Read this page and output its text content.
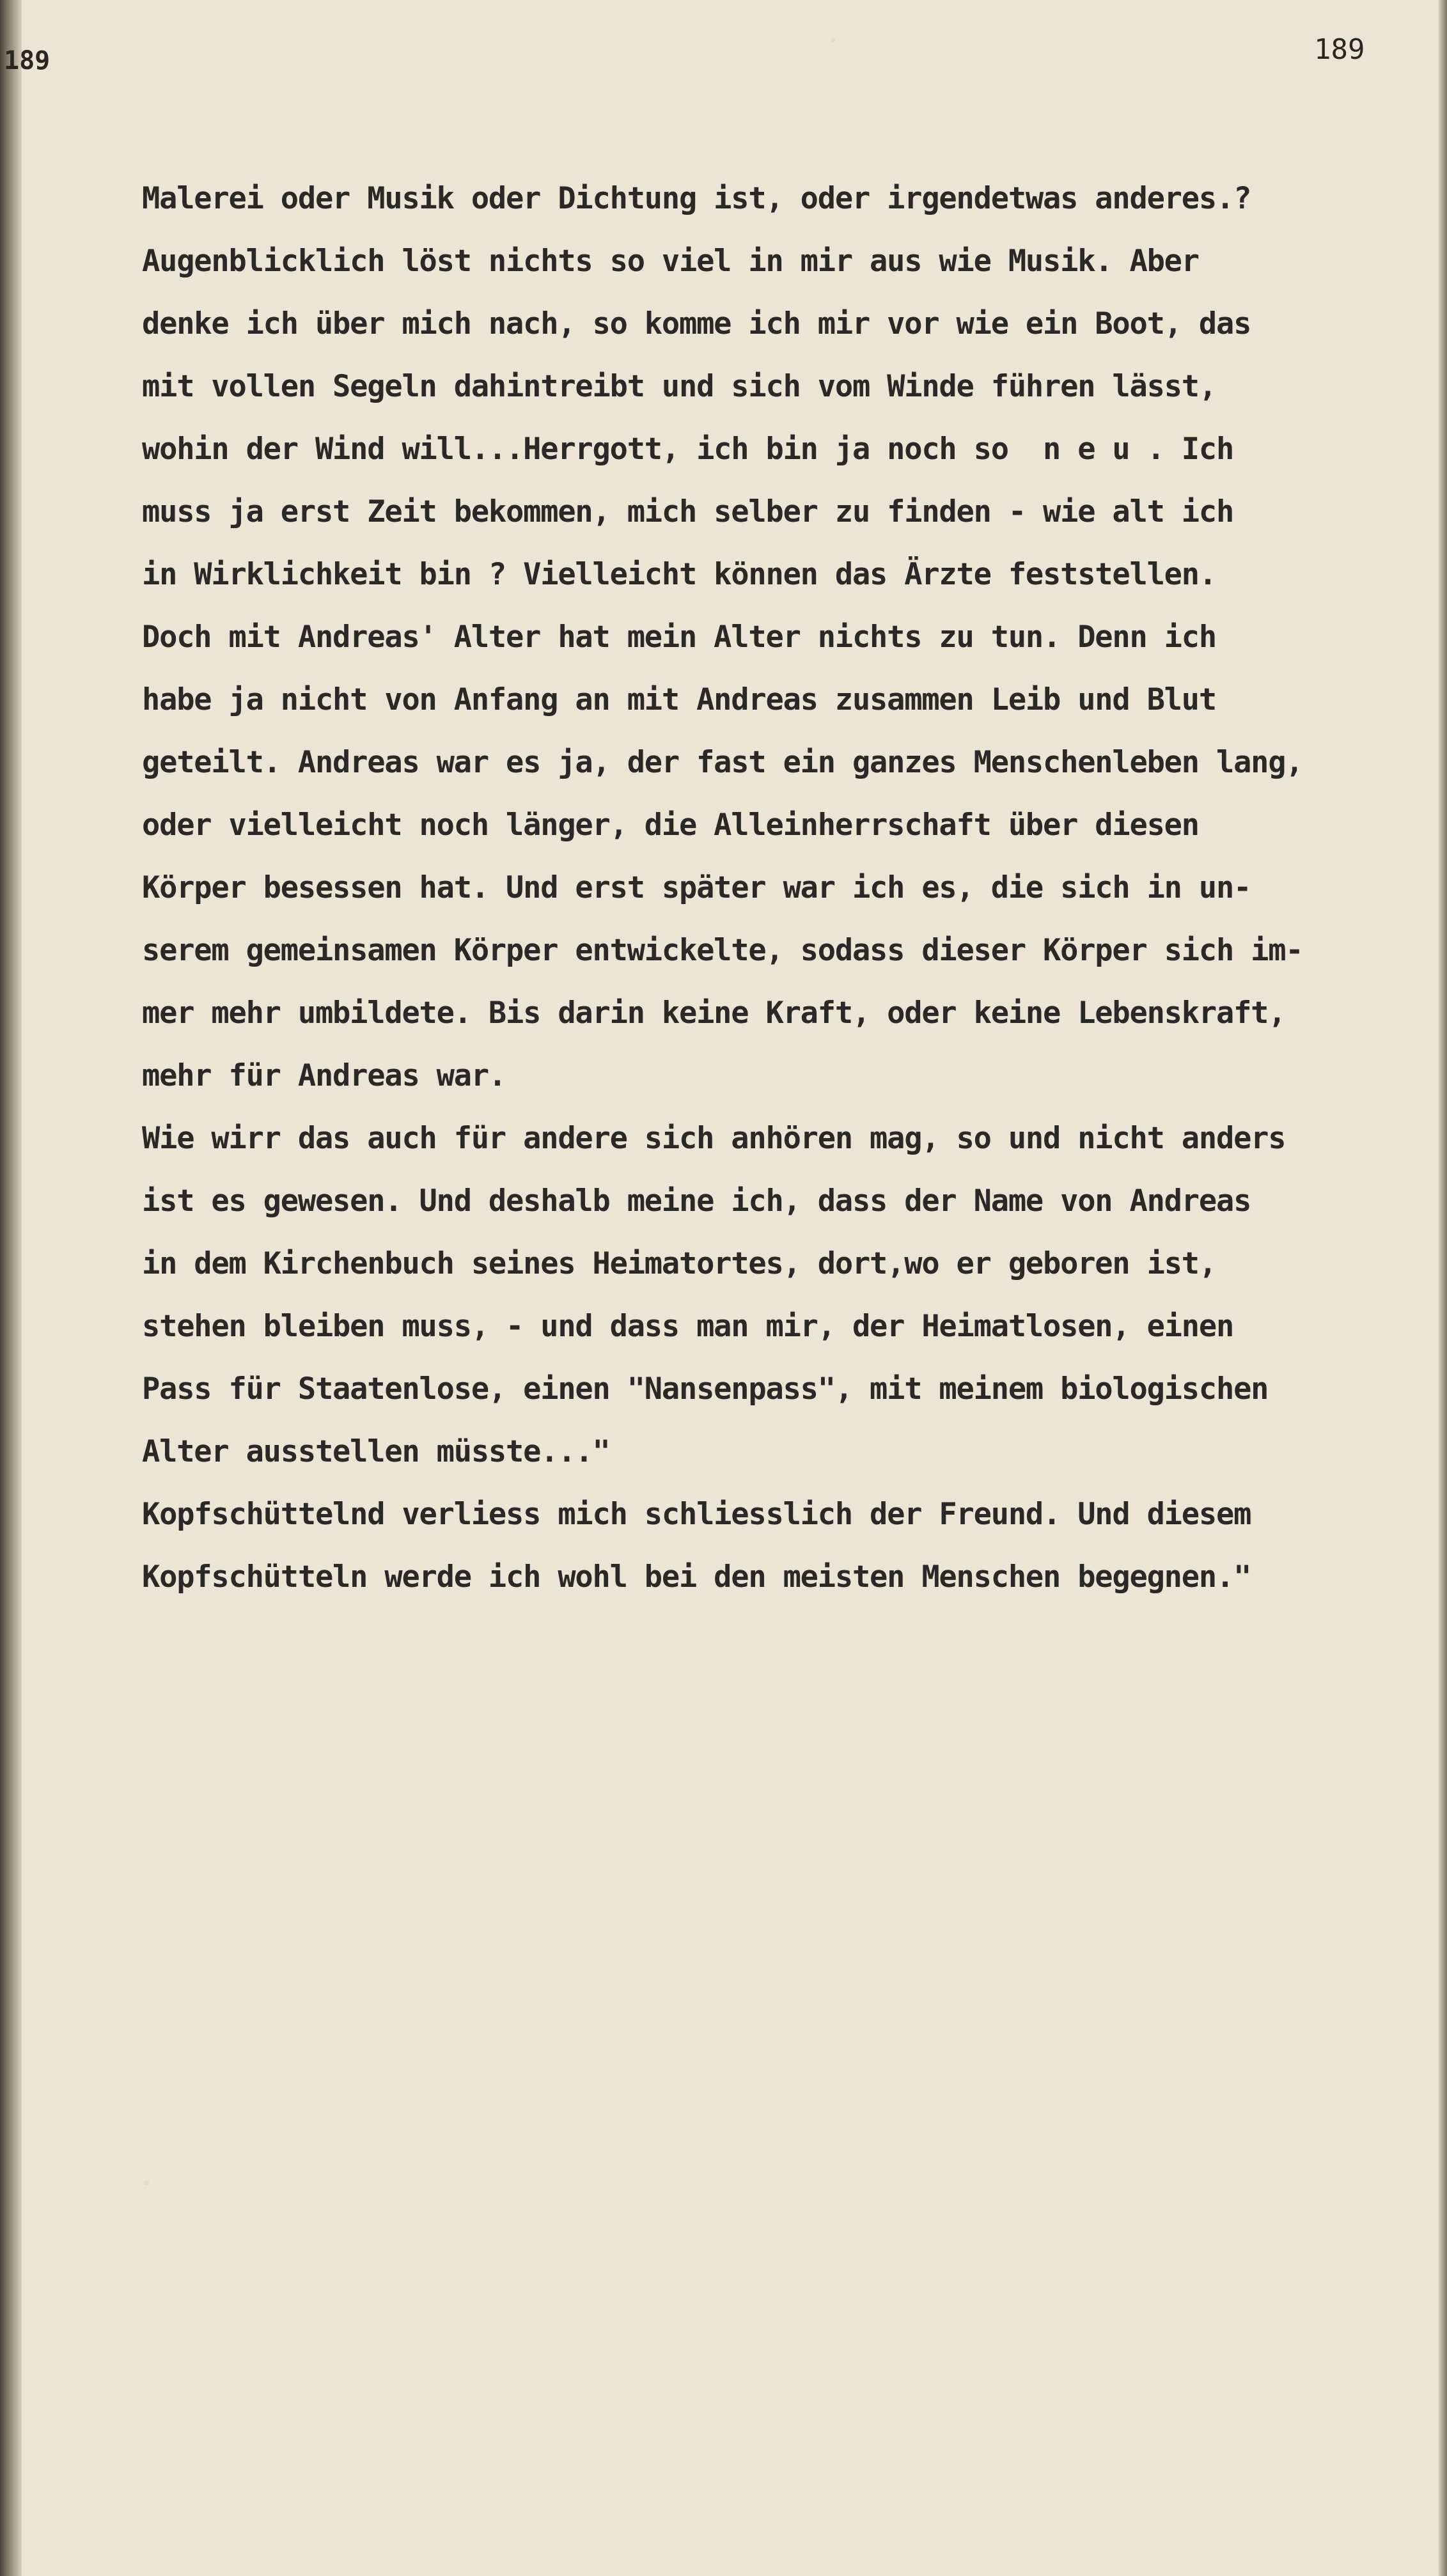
189	189
Malerei oder Musik oder Dichtung ist, oder irgendetwas anderes.?
Augenblicklich löst nichts so viel in mir aus wie Musik. Aber
denke ich über mich nach, so komme ich mir vor wie ein Boot, das
mit vollen Segeln dahintreibt und sich vom Winde führen lässt,
wohin der Wind will...Herrgott, ich bin ja noch so  n e u . Ich
muss ja erst Zeit bekommen, mich selber zu finden - wie alt ich
in Wirklichkeit bin ? Vielleicht können das Ärzte feststellen.
Doch mit Andreas' Alter hat mein Alter nichts zu tun. Denn ich
habe ja nicht von Anfang an mit Andreas zusammen Leib und Blut
geteilt. Andreas war es ja, der fast ein ganzes Menschenleben lang,
oder vielleicht noch länger, die Alleinherrschaft über diesen
Körper besessen hat. Und erst später war ich es, die sich in un-
serem gemeinsamen Körper entwickelte, sodass dieser Körper sich im-
mer mehr umbildete. Bis darin keine Kraft, oder keine Lebenskraft,
mehr für Andreas war.
Wie wirr das auch für andere sich anhören mag, so und nicht anders
ist es gewesen. Und deshalb meine ich, dass der Name von Andreas
in dem Kirchenbuch seines Heimatortes, dort,wo er geboren ist,
stehen bleiben muss, - und dass man mir, der Heimatlosen, einen
Pass für Staatenlose, einen "Nansenpass", mit meinem biologischen
Alter ausstellen müsste..."
Kopfschüttelnd verliess mich schliesslich der Freund. Und diesem
Kopfschütteln werde ich wohl bei den meisten Menschen begegnen."
